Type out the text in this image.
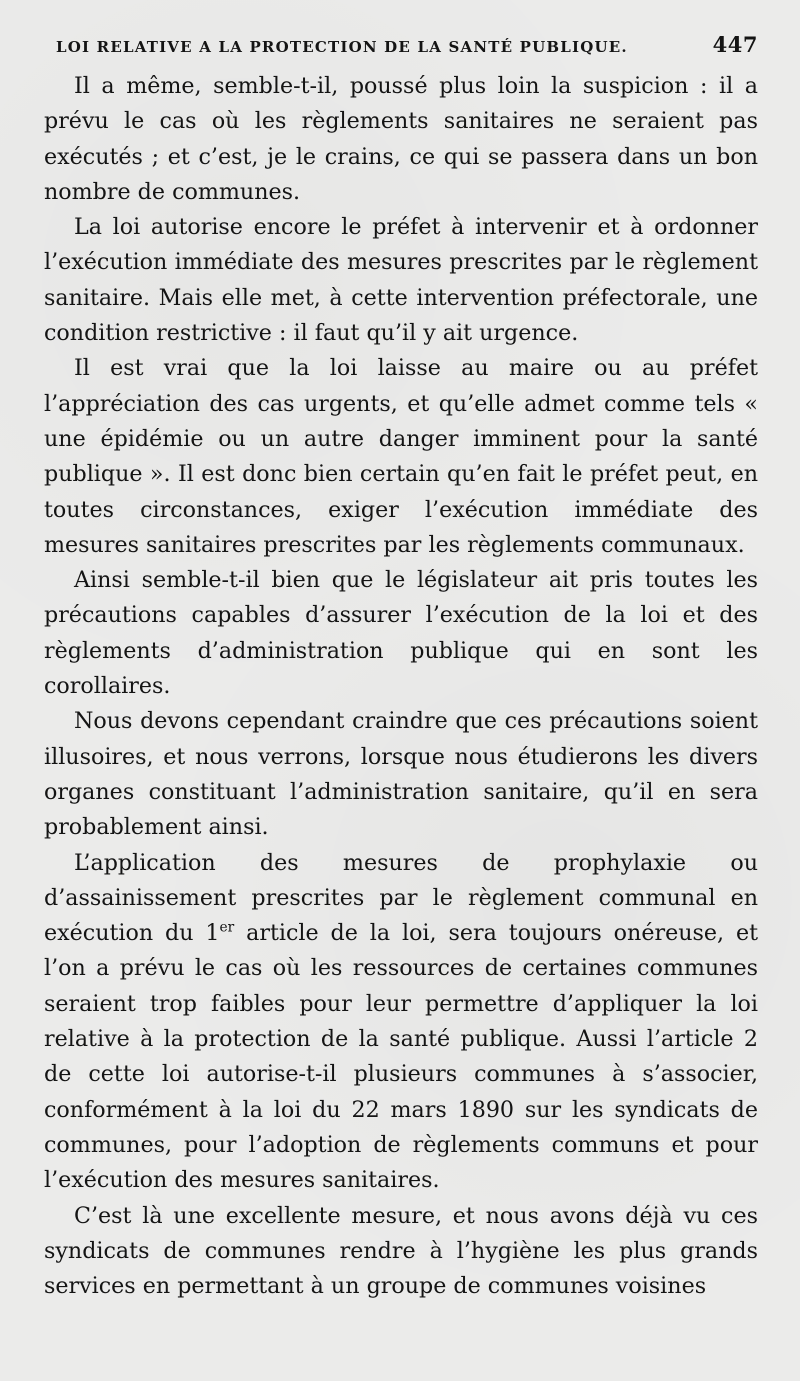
LOI RELATIVE A LA PROTECTION DE LA SANTÉ PUBLIQUE.	447

Il a même, semble-t-il, poussé plus loin la suspicion : il a prévu le cas où les règlements sanitaires ne seraient pas exécutés ; et c’est, je le crains, ce qui se passera dans un bon nombre de communes.

La loi autorise encore le préfet à intervenir et à ordonner l’exécution immédiate des mesures prescrites par le règlement sanitaire. Mais elle met, à cette intervention préfectorale, une condition restrictive : il faut qu’il y ait urgence.

Il est vrai que la loi laisse au maire ou au préfet l’appréciation des cas urgents, et qu’elle admet comme tels « une épidémie ou un autre danger imminent pour la santé publique ». Il est donc bien certain qu’en fait le préfet peut, en toutes circonstances, exiger l’exécution immédiate des mesures sanitaires prescrites par les règlements communaux.

Ainsi semble-t-il bien que le législateur ait pris toutes les précautions capables d’assurer l’exécution de la loi et des règlements d’administration publique qui en sont les corollaires.

Nous devons cependant craindre que ces précautions soient illusoires, et nous verrons, lorsque nous étudierons les divers organes constituant l’administration sanitaire, qu’il en sera probablement ainsi.

L’application des mesures de prophylaxie ou d’assainissement prescrites par le règlement communal en exécution du 1er article de la loi, sera toujours onéreuse, et l’on a prévu le cas où les ressources de certaines communes seraient trop faibles pour leur permettre d’appliquer la loi relative à la protection de la santé publique. Aussi l’article 2 de cette loi autorise-t-il plusieurs communes à s’associer, conformément à la loi du 22 mars 1890 sur les syndicats de communes, pour l’adoption de règlements communs et pour l’exécution des mesures sanitaires.

C’est là une excellente mesure, et nous avons déjà vu ces syndicats de communes rendre à l’hygiène les plus grands services en permettant à un groupe de communes voisines
